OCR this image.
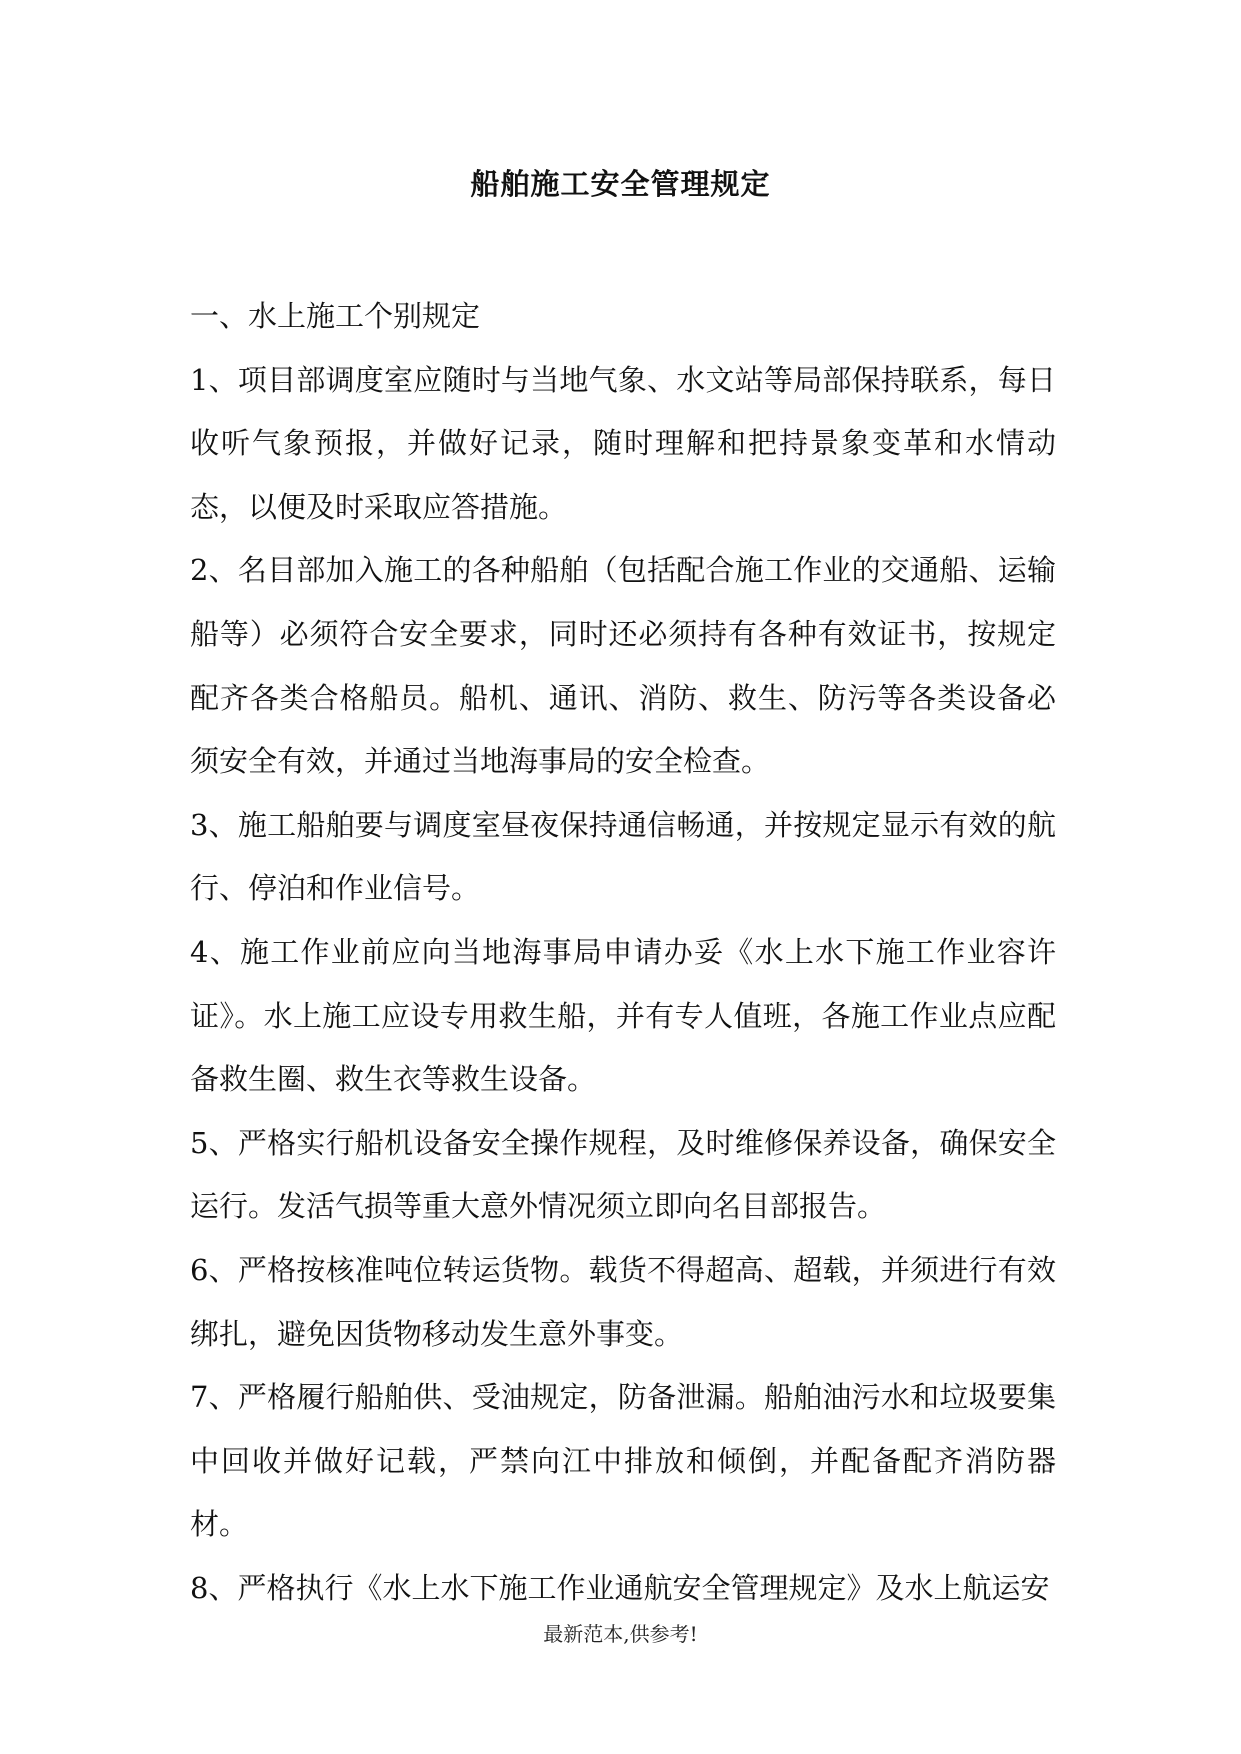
船舶施工安全管理规定

一、水上施工个别规定

1、项目部调度室应随时与当地气象、水文站等局部保持联系，每日收听气象预报，并做好记录，随时理解和把持景象变革和水情动态，以便及时采取应答措施。

2、名目部加入施工的各种船舶（包括配合施工作业的交通船、运输船等）必须符合安全要求，同时还必须持有各种有效证书，按规定配齐各类合格船员。船机、通讯、消防、救生、防污等各类设备必须安全有效，并通过当地海事局的安全检查。

3、施工船舶要与调度室昼夜保持通信畅通，并按规定显示有效的航行、停泊和作业信号。

4、施工作业前应向当地海事局申请办妥《水上水下施工作业容许证》。水上施工应设专用救生船，并有专人值班，各施工作业点应配备救生圈、救生衣等救生设备。

5、严格实行船机设备安全操作规程，及时维修保养设备，确保安全运行。发活气损等重大意外情况须立即向名目部报告。

6、严格按核准吨位转运货物。载货不得超高、超载，并须进行有效绑扎，避免因货物移动发生意外事变。

7、严格履行船舶供、受油规定，防备泄漏。船舶油污水和垃圾要集中回收并做好记载，严禁向江中排放和倾倒，并配备配齐消防器材。

8、严格执行《水上水下施工作业通航安全管理规定》及水上航运安

最新范本,供参考!
